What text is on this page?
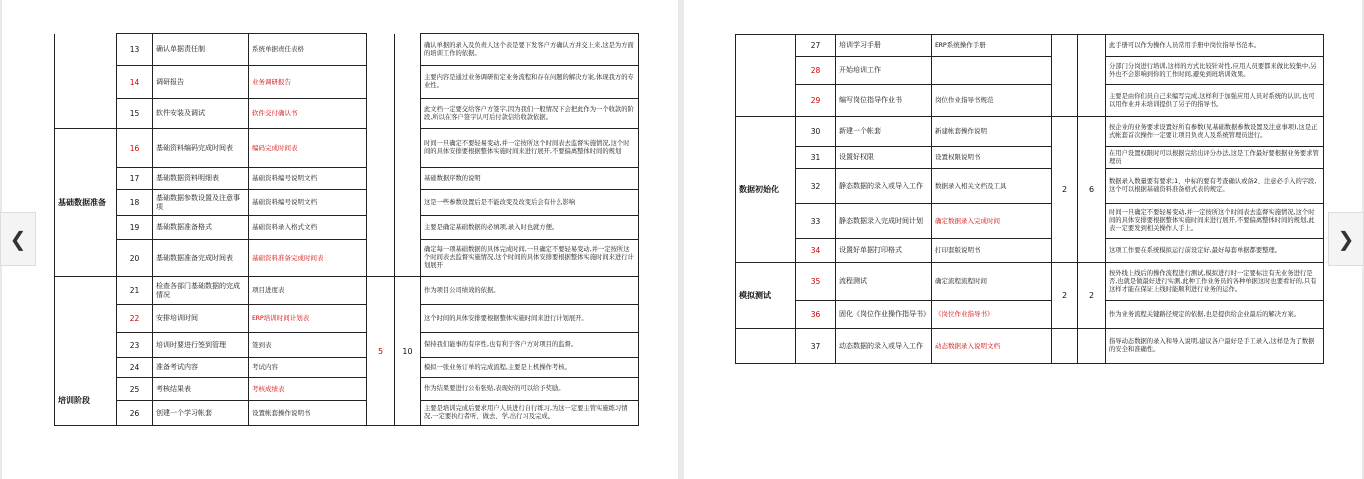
	13	确认单据责任制	系统单据责任表格			确认单据的录入及负责人这个表是要下发客户方确认方并交上来,这是为方面的培训工作的依据。
	14	调研报告	业务调研报告			主要内容是通过业务调研衔定业务流程和存在问题的解决方案,体现我方的专业性。
	15	软件安装及调试	软件交付确认书			此文档一定要交给客户方签字,因为我们一般情况下会把此作为一个收款的阶段,所以在客户签字认可后付款信给收款依据。
基础数据准备	16	基础资料编码完成时间表	编码完成时间表			时间一旦确定不要轻易变动,并一定按所这个时间表去监督实施情况,这个时间的具体安排要根据整体实施时间来进行展开,不要偏离整体时间的规划
	17	基础数据资料明细表	基础资料编号说明文档			基础数据序数的说明
	18	基础数据参数设置及注意事项	基础资料编号说明文档			这是一些参数设置后是不能改变及改变后会有什么影响
	19	基础数据准备格式	基础资料录入格式文档			主要是确定基础数据的必填项,录入时也就方便。
	20	基础数据准备完成时间表	基础资料准备完成时间表			确定每一项基础数据的具体完成时间,一旦确定不要轻易变动,并一定按所这个时间表去监督实施情况,这个时间的具体安排要根据整体实施时间来进行计划展开
培训阶段	21	检查各部门基础数据的完成情况	项目进度表	5	10	作为项目公司绩效的依据。
	22	安排培训时间	ERP培训时间计划表			这个时间的具体安排要根据整体实施时间来进行计划展开。
	23	培训时要进行签到管理	签到表			保持我们能事的有序性,也有利于客户方对项目的监督。
	24	准备考试内容	考试内容			模拟一张业务订单的完成流程,主要是上机操作考核。
	25	考核结果表	考核成绩表			作为结果要进行公布张贴,表现好的可以给予奖励。
	26	创建一个学习帐套	设置帐套操作说明书			主要是培训完成后要求用户人员进行自行练习,为这一定要主管实施练习情况,一定要执行者听、做去、学,出行习及完成。
	27	培训学习手册	ERP系统操作手册			此手册可以作为操作人员常用手册中岗位指导书范本。
	28	开始培训工作				分部门分岗进行培训,这样的方式比较针对性,应用人员要都来做比较集中,另外也不会影响到你的工作时间,避免到班培训效果。
	29	编写岗位指导作业书	岗位作业指导书规范			主要是由你们员自己来编写完成,这样利于加强应用人员对系统的认识,也可以用作业并未培训提供了另子的指导书。
数据初始化	30	新建一个帐套	新建帐套操作说明	2	6	按企业的业务要求设置好所有参数(见基础数据参数设置及注意事项),这是正式帐套首次操作一定要让项目负责人及系统管理员进行。
	31	设置好权限	设置权限说明书			在用户设置权限时可以根据完给出评分办法,这是工作最好要根据业务要求管理员
	32	静态数据的录入或导入工作	数据录入相关文档及工具			数据录入数量要有要求;1、中标的要有考查确认或备2、注意必手入的字段,这个可以根据基础资料准备格式表的规定。
	33	静态数据录入完成时间计划	确定数据录入完成时间			时间一旦确定不要轻易变动,并一定按所这个时间表去监督实施情况,这个时间的具体安排要根据整体实施时间来进行展开,不要偏离整体时间的规划,此表一定要发到相关操作人手上。
	34	设置好单据打印格式	打印套版说明书			这项工作要在系统模拟运行前设定好,最好每套单据都要整理。
模拟测试	35	流程测试	确定流程流程时间	2	2	按外线上线后的操作流程进行测试,模拟进行时一定要标注有无业务进行是否,也就是做最好进行实测,此种工作业务员的各种单据这时也要看好的,只有这样才能在保证上线时能顺利进行业务的运作。
	36	固化《岗位作业操作指导书》	《岗位作业指导书》			作为业务流程关键路径规定的依据,也是提供给企业最后的解决方案。
	37	动态数据的录入或导入工作	动态数据录入说明文档			指导动态数据的录入和导入说明,建议各户最好是手工录入,这样是为了数据的安全和准确性。
❮	❯
